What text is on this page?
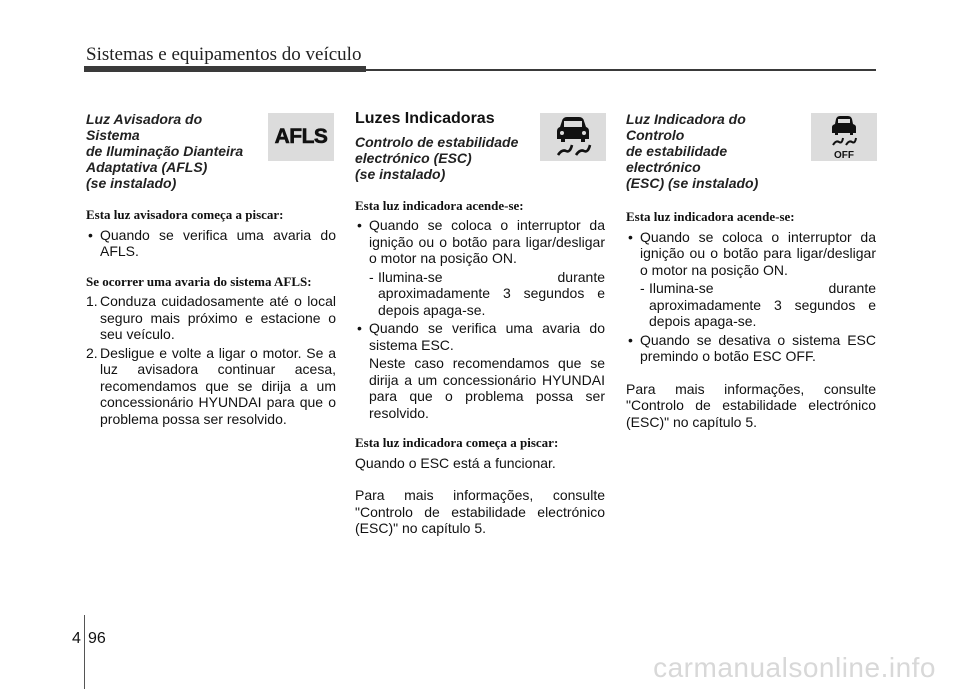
Sistemas e equipamentos do veículo

Luz Avisadora do Sistema
de Iluminação Dianteira
Adaptativa (AFLS)
(se instalado)

Esta luz avisadora começa a piscar:

• Quando se verifica uma avaria do AFLS.

Se ocorrer uma avaria do sistema AFLS:

1. Conduza cuidadosamente até o local seguro mais próximo e estacione o seu veículo.
2. Desligue e volte a ligar o motor. Se a luz avisadora continuar acesa, recomendamos que se dirija a um concessionário HYUNDAI para que o problema possa ser resolvido.
AFLS

Luzes Indicadoras

Controlo de estabilidade
electrónico (ESC)
(se instalado)

Esta luz indicadora acende-se:

• Quando se coloca o interruptor da ignição ou o botão para ligar/desligar o motor na posição ON.

- Ilumina-se durante aproximadamente 3 segundos e depois apaga-se.

• Quando se verifica uma avaria do sistema ESC.

Neste caso recomendamos que se dirija a um concessionário HYUNDAI para que o problema possa ser resolvido.

Esta luz indicadora começa a piscar:

Quando o ESC está a funcionar.

Para mais informações, consulte "Controlo de estabilidade electrónico (ESC)" no capítulo 5.

Luz Indicadora do Controlo
de estabilidade electrónico
(ESC) (se instalado)

Esta luz indicadora acende-se:

• Quando se coloca o interruptor da ignição ou o botão para ligar/desligar o motor na posição ON.

- Ilumina-se durante aproximadamente 3 segundos e depois apaga-se.

• Quando se desativa o sistema ESC premindo o botão ESC OFF.

Para mais informações, consulte "Controlo de estabilidade electrónico (ESC)" no capítulo 5.

OFF
4 96
carmanualsonline.info
